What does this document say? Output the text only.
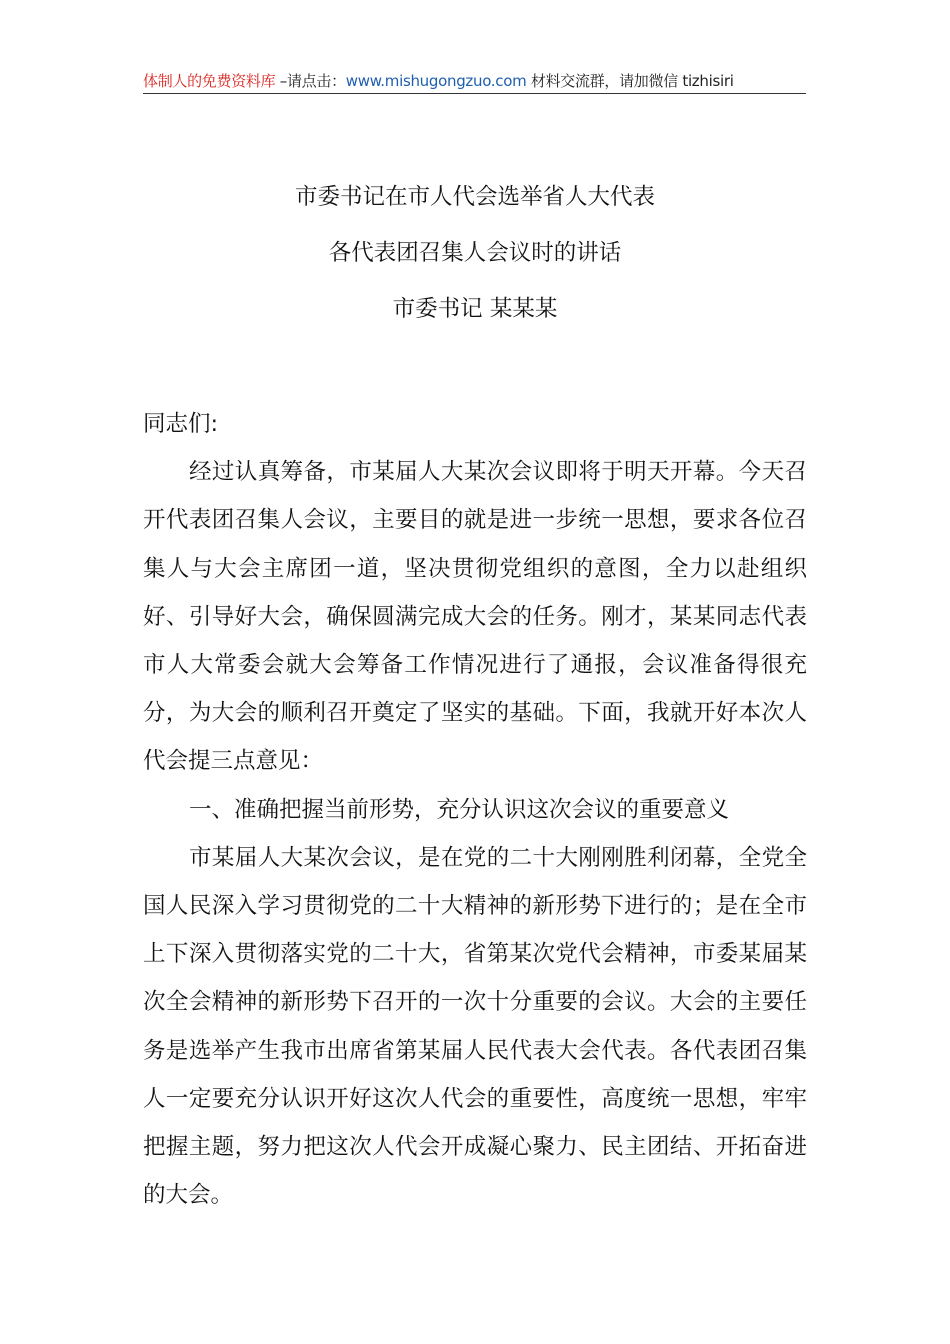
体制人的免费资料库 –请点击：www.mishugongzuo.com 材料交流群，请加微信 tizhisiri
市委书记在市人代会选举省人大代表
各代表团召集人会议时的讲话
市委书记 某某某

同志们:

经过认真筹备，市某届人大某次会议即将于明天开幕。今天召开代表团召集人会议，主要目的就是进一步统一思想，要求各位召集人与大会主席团一道，坚决贯彻党组织的意图，全力以赴组织好、引导好大会，确保圆满完成大会的任务。刚才，某某同志代表市人大常委会就大会筹备工作情况进行了通报，会议准备得很充分，为大会的顺利召开奠定了坚实的基础。下面，我就开好本次人代会提三点意见：

一、准确把握当前形势，充分认识这次会议的重要意义

市某届人大某次会议，是在党的二十大刚刚胜利闭幕，全党全国人民深入学习贯彻党的二十大精神的新形势下进行的；是在全市上下深入贯彻落实党的二十大，省第某次党代会精神，市委某届某次全会精神的新形势下召开的一次十分重要的会议。大会的主要任务是选举产生我市出席省第某届人民代表大会代表。各代表团召集人一定要充分认识开好这次人代会的重要性，高度统一思想，牢牢把握主题，努力把这次人代会开成凝心聚力、民主团结、开拓奋进的大会。
